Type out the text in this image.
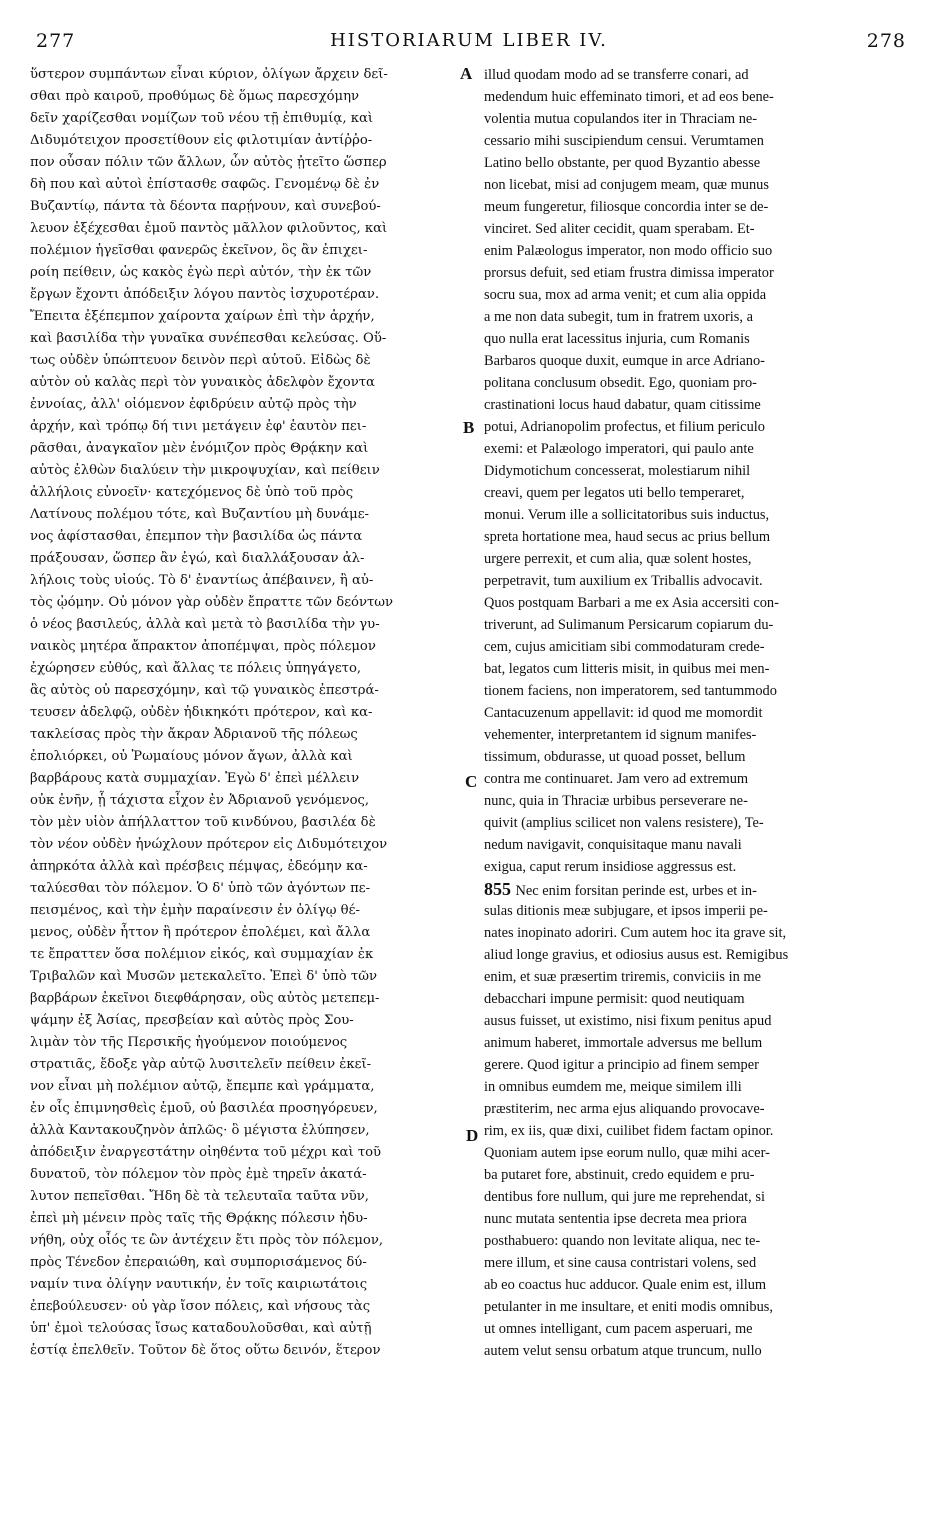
277	HISTORIARUM LIBER IV.	278
A
B
C
D
ὕστερον συμπάντων εἶναι κύριον, ὀλίγων ἄρχειν δεῖ-
σθαι πρὸ καιροῦ, προθύμως δὲ ὅμως παρεσχόμην
δεῖν χαρίζεσθαι νομίζων τοῦ νέου τῇ ἐπιθυμίᾳ, καὶ
Διδυμότειχον προσετίθουν εἰς φιλοτιμίαν ἀντίῤῥο-
πον οὖσαν πόλιν τῶν ἄλλων, ὧν αὐτὸς ᾐτεῖτο ὥσπερ
δὴ που καὶ αὐτοὶ ἐπίστασθε σαφῶς. Γενομένῳ δὲ ἐν
Βυζαντίῳ, πάντα τὰ δέοντα παρῄνουν, καὶ συνεβού-
λευον ἐξέχεσθαι ἐμοῦ παντὸς μᾶλλον φιλοῦντος, καὶ
πολέμιον ἡγεῖσθαι φανερῶς ἐκεῖνον, ὃς ἂν ἐπιχει-
ροίη πείθειν, ὡς κακὸς ἐγὼ περὶ αὐτόν, τὴν ἐκ τῶν
ἔργων ἔχοντι ἀπόδειξιν λόγου παντὸς ἰσχυροτέραν.
Ἔπειτα ἐξέπεμπον χαίροντα χαίρων ἐπὶ τὴν ἀρχήν,
καὶ βασιλίδα τὴν γυναῖκα συνέπεσθαι κελεύσας. Οὕ-
τως οὐδὲν ὑπώπτευον δεινὸν περὶ αὐτοῦ. Εἰδὼς δὲ
αὐτὸν οὐ καλὰς περὶ τὸν γυναικὸς ἀδελφὸν ἔχοντα
ἐννοίας, ἀλλ' οἰόμενον ἐφιδρύειν αὐτῷ πρὸς τὴν
ἀρχήν, καὶ τρόπῳ δή τινι μετάγειν ἐφ' ἑαυτὸν πει-
ρᾶσθαι, ἀναγκαῖον μὲν ἐνόμιζον πρὸς Θρᾴκην καὶ
αὐτὸς ἐλθὼν διαλύειν τὴν μικροψυχίαν, καὶ πείθειν
ἀλλήλοις εὐνοεῖν· κατεχόμενος δὲ ὑπὸ τοῦ πρὸς
Λατίνους πολέμου τότε, καὶ Βυζαντίου μὴ δυνάμε-
νος ἀφίστασθαι, ἐπεμπον τὴν βασιλίδα ὡς πάντα
πράξουσαν, ὥσπερ ἂν ἐγώ, καὶ διαλλάξουσαν ἀλ-
λήλοις τοὺς υἱούς. Τὸ δ' ἐναντίως ἀπέβαινεν, ἢ αὐ-
τὸς ᾠόμην. Οὐ μόνον γὰρ οὐδὲν ἔπραττε τῶν δεόντων
ὁ νέος βασιλεύς, ἀλλὰ καὶ μετὰ τὸ βασιλίδα τὴν γυ-
ναικὸς μητέρα ἄπρακτον ἀποπέμψαι, πρὸς πόλεμον
ἐχώρησεν εὐθύς, καὶ ἄλλας τε πόλεις ὑπηγάγετο,
ἃς αὐτὸς οὐ παρεσχόμην, καὶ τῷ γυναικὸς ἐπεστρά-
τευσεν ἀδελφῷ, οὐδὲν ἠδικηκότι πρότερον, καὶ κα-
τακλείσας πρὸς τὴν ἄκραν Ἀδριανοῦ τῆς πόλεως
ἐπολιόρκει, οὐ Ῥωμαίους μόνον ἄγων, ἀλλὰ καὶ
βαρβάρους κατὰ συμμαχίαν. Ἐγὼ δ' ἐπεὶ μέλλειν
οὐκ ἐνῆν, ᾗ τάχιστα εἶχον ἐν Ἀδριανοῦ γενόμενος,
τὸν μὲν υἱὸν ἀπήλλαττον τοῦ κινδύνου, βασιλέα δὲ
τὸν νέον οὐδὲν ἠνώχλουν πρότερον εἰς Διδυμότειχον
ἀπηρκότα ἀλλὰ καὶ πρέσβεις πέμψας, ἐδεόμην κα-
ταλύεσθαι τὸν πόλεμον. Ὁ δ' ὑπὸ τῶν ἀγόντων πε-
πεισμένος, καὶ τὴν ἐμὴν παραίνεσιν ἐν ὀλίγῳ θέ-
μενος, οὐδὲν ἧττον ἢ πρότερον ἐπολέμει, καὶ ἄλλα
τε ἔπραττεν ὅσα πολέμιον εἰκός, καὶ συμμαχίαν ἐκ
Τριβαλῶν καὶ Μυσῶν μετεκαλεῖτο. Ἐπεὶ δ' ὑπὸ τῶν
βαρβάρων ἐκεῖνοι διεφθάρησαν, οὓς αὐτὸς μετεπεμ-
ψάμην ἐξ Ἀσίας, πρεσβείαν καὶ αὐτὸς πρὸς Σου-
λιμὰν τὸν τῆς Περσικῆς ἡγούμενον ποιούμενος
στρατιᾶς, ἔδοξε γὰρ αὐτῷ λυσιτελεῖν πείθειν ἐκεῖ-
νον εἶναι μὴ πολέμιον αὐτῷ, ἔπεμπε καὶ γράμματα,
ἐν οἷς ἐπιμνησθεὶς ἐμοῦ, οὐ βασιλέα προσηγόρευεν,
ἀλλὰ Καντακουζηνὸν ἁπλῶς· ὃ μέγιστα ἐλύπησεν,
ἀπόδειξιν ἐναργεστάτην οἰηθέντα τοῦ μέχρι καὶ τοῦ
δυνατοῦ, τὸν πόλεμον τὸν πρὸς ἐμὲ τηρεῖν ἀκατά-
λυτον πεπεῖσθαι. Ἤδη δὲ τὰ τελευταῖα ταῦτα νῦν,
ἐπεὶ μὴ μένειν πρὸς ταῖς τῆς Θρᾴκης πόλεσιν ἠδυ-
νήθη, οὐχ οἷός τε ὢν ἀντέχειν ἔτι πρὸς τὸν πόλεμον,
πρὸς Τένεδον ἐπεραιώθη, καὶ συμπορισάμενος δύ-
ναμίν τινα ὀλίγην ναυτικήν, ἐν τοῖς καιριωτάτοις
ἐπεβούλευσεν· οὐ γὰρ ἴσον πόλεις, καὶ νήσους τὰς
ὑπ' ἐμοὶ τελούσας ἴσως καταδουλοῦσθαι, καὶ αὐτῇ
ἑστίᾳ ἐπελθεῖν. Τοῦτον δὲ ὅτος οὕτω δεινόν, ἕτερον
illud quodam modo ad se transferre conari, ad
medendum huic effeminato timori, et ad eos bene-
volentia mutua copulandos iter in Thraciam ne-
cessario mihi suscipiendum censui. Verumtamen
Latino bello obstante, per quod Byzantio abesse
non licebat, misi ad conjugem meam, quæ munus
meum fungeretur, filiosque concordia inter se de-
vinciret. Sed aliter cecidit, quam sperabam. Et-
enim Palæologus imperator, non modo officio suo
prorsus defuit, sed etiam frustra dimissa imperator
socru sua, mox ad arma venit; et cum alia oppida
a me non data subegit, tum in fratrem uxoris, a
quo nulla erat lacessitus injuria, cum Romanis
Barbaros quoque duxit, eumque in arce Adriano-
politana conclusum obsedit. Ego, quoniam pro-
crastinationi locus haud dabatur, quam citissime
potui, Adrianopolim profectus, et filium periculo
exemi: et Palæologo imperatori, qui paulo ante
Didymotichum concesserat, molestiarum nihil
creavi, quem per legatos uti bello temperaret,
monui. Verum ille a sollicitatoribus suis inductus,
spreta hortatione mea, haud secus ac prius bellum
urgere perrexit, et cum alia, quæ solent hostes,
perpetravit, tum auxilium ex Triballis advocavit.
Quos postquam Barbari a me ex Asia accersiti con-
triverunt, ad Sulimanum Persicarum copiarum du-
cem, cujus amicitiam sibi commodaturam crede-
bat, legatos cum litteris misit, in quibus mei men-
tionem faciens, non imperatorem, sed tantummodo
Cantacuzenum appellavit: id quod me momordit
vehementer, interpretantem id signum manifes-
tissimum, obdurasse, ut quoad posset, bellum
contra me continuaret. Jam vero ad extremum
nunc, quia in Thraciæ urbibus perseverare ne-
quivit (amplius scilicet non valens resistere), Te-
nedum navigavit, conquisitaque manu navali
exigua, caput rerum insidiose aggressus est.
855 Nec enim forsitan perinde est, urbes et in-
sulas ditionis meæ subjugare, et ipsos imperii pe-
nates inopinato adoriri. Cum autem hoc ita grave sit,
aliud longe gravius, et odiosius ausus est. Remigibus
enim, et suæ præsertim triremis, conviciis in me
debacchari impune permisit: quod neutiquam
ausus fuisset, ut existimo, nisi fixum penitus apud
animum haberet, immortale adversus me bellum
gerere. Quod igitur a principio ad finem semper
in omnibus eumdem me, meique similem illi
præstiterim, nec arma ejus aliquando provocave-
rim, ex iis, quæ dixi, cuilibet fidem factam opinor.
Quoniam autem ipse eorum nullo, quæ mihi acer-
ba putaret fore, abstinuit, credo equidem e pru-
dentibus fore nullum, qui jure me reprehendat, si
nunc mutata sententia ipse decreta mea priora
posthabuero: quando non levitate aliqua, nec te-
mere illum, et sine causa contristari volens, sed
ab eo coactus huc adducor. Quale enim est, illum
petulanter in me insultare, et eniti modis omnibus,
ut omnes intelligant, cum pacem asperuari, me
autem velut sensu orbatum atque truncum, nullo
